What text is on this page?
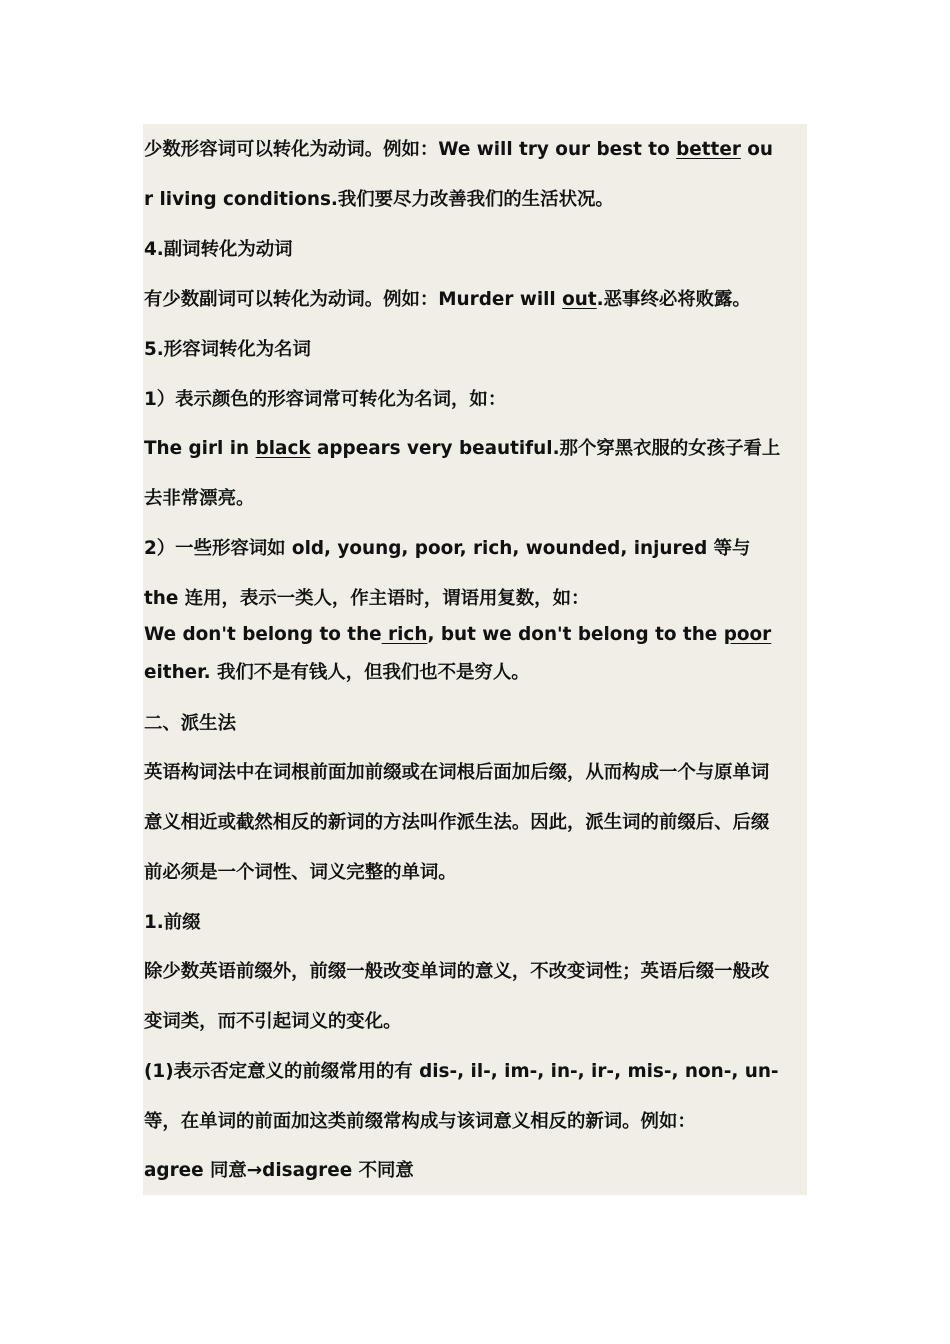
少数形容词可以转化为动词。例如：We will try our best to better ou
r living conditions.我们要尽力改善我们的生活状况。
4.副词转化为动词
有少数副词可以转化为动词。例如：Murder will out.恶事终必将败露。
5.形容词转化为名词
1）表示颜色的形容词常可转化为名词，如：
The girl in black appears very beautiful.那个穿黑衣服的女孩子看上
去非常漂亮。
2）一些形容词如 old, young, poor, rich, wounded, injured 等与
the 连用，表示一类人，作主语时，谓语用复数，如：
We don't belong to the rich, but we don't belong to the poor
either. 我们不是有钱人，但我们也不是穷人。
二、派生法
英语构词法中在词根前面加前缀或在词根后面加后缀，从而构成一个与原单词
意义相近或截然相反的新词的方法叫作派生法。因此，派生词的前缀后、后缀
前必须是一个词性、词义完整的单词。
1.前缀
除少数英语前缀外，前缀一般改变单词的意义，不改变词性；英语后缀一般改
变词类，而不引起词义的变化。
(1)表示否定意义的前缀常用的有 dis-, il-, im-, in-, ir-, mis-, non-, un-
等，在单词的前面加这类前缀常构成与该词意义相反的新词。例如：
agree 同意→disagree 不同意
